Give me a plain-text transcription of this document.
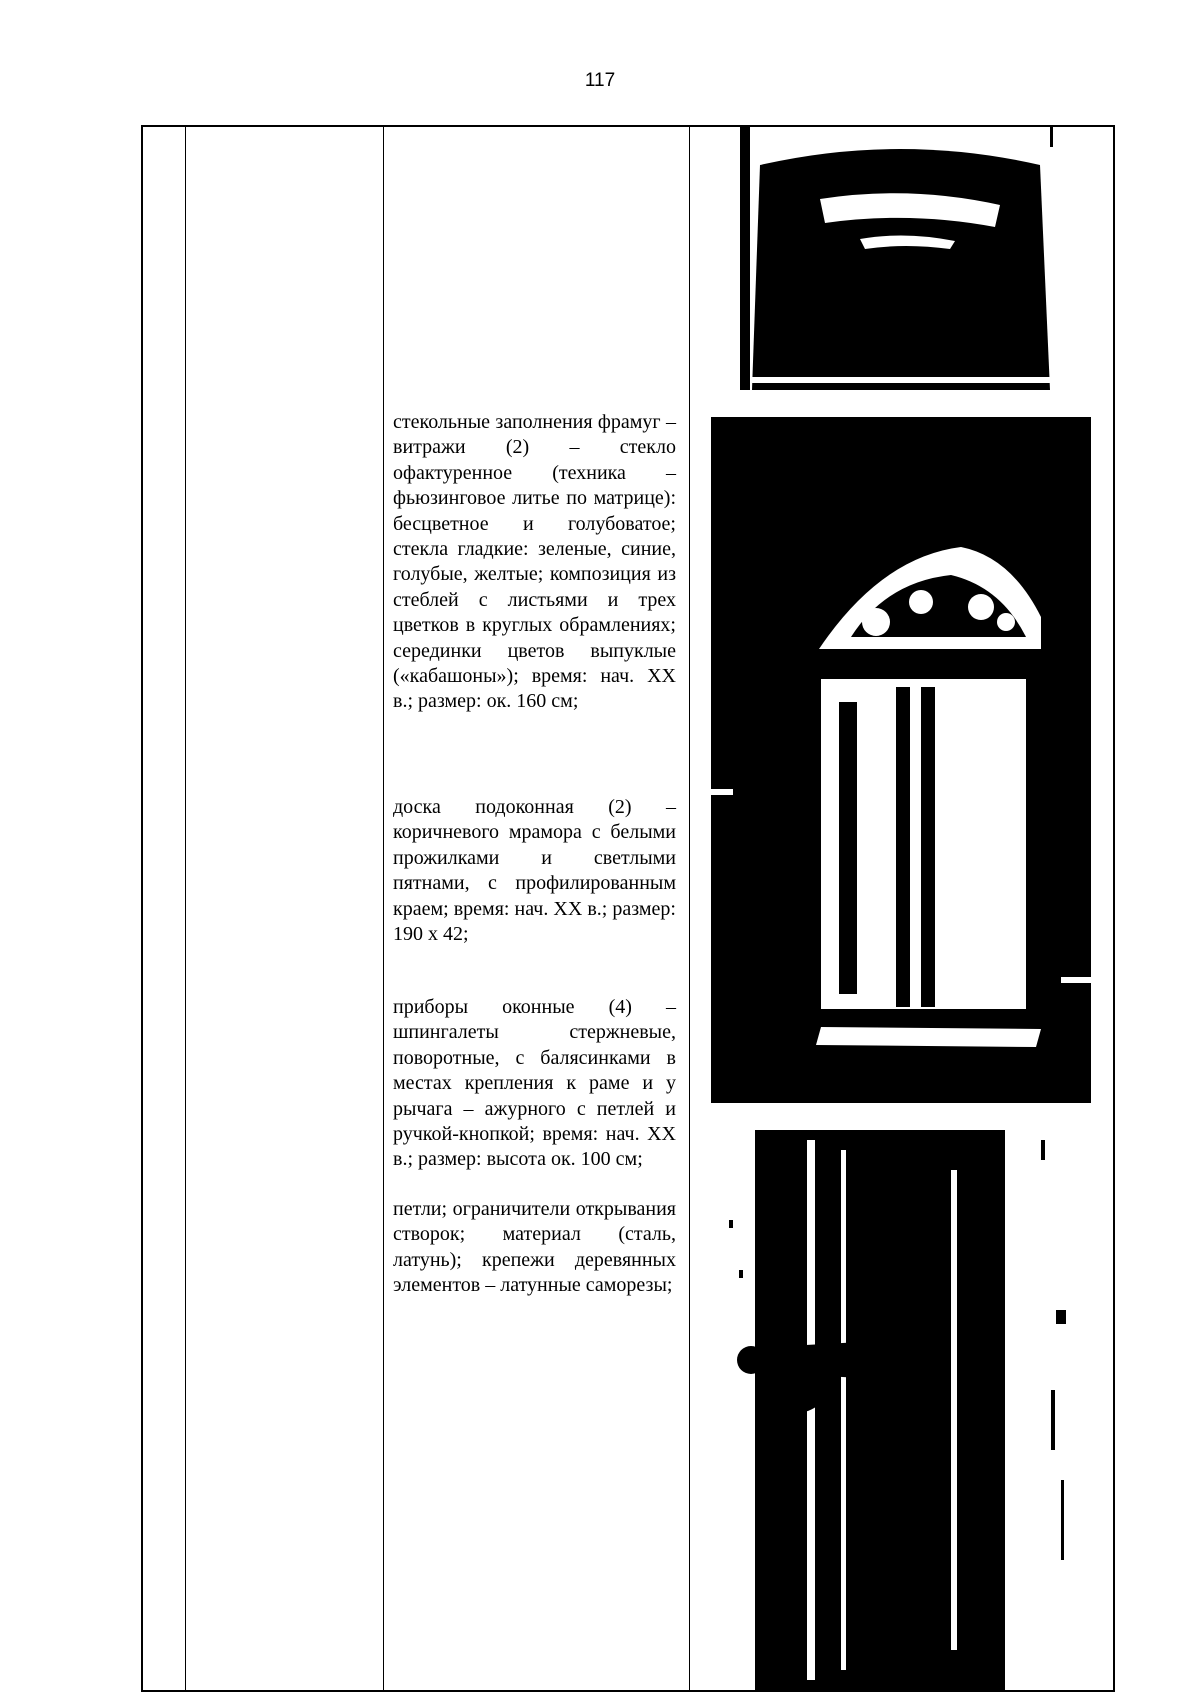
117

стекольные заполнения фрамуг – витражи (2) – стекло офактуренное (техника – фьюзинговое литье по матрице): бесцветное и голубоватое; стекла гладкие: зеленые, синие, голубые, желтые; композиция из стеблей с листьями и трех цветков в круглых обрамлениях; серединки цветов выпуклые («кабашоны»); время: нач. XX в.; размер: ок. 160 см;

доска подоконная (2) – коричневого мрамора с белыми прожилками и светлыми пятнами, с профилированным краем; время: нач. XX в.; размер: 190 х 42;

приборы оконные (4) – шпингалеты стержневые, поворотные, с балясинками в местах крепления к раме и у рычага – ажурного с петлей и ручкой-кнопкой; время: нач. XX в.; размер: высота ок. 100 см;

петли; ограничители открывания створок; материал (сталь, латунь); крепежи деревянных элементов – латунные саморезы;
